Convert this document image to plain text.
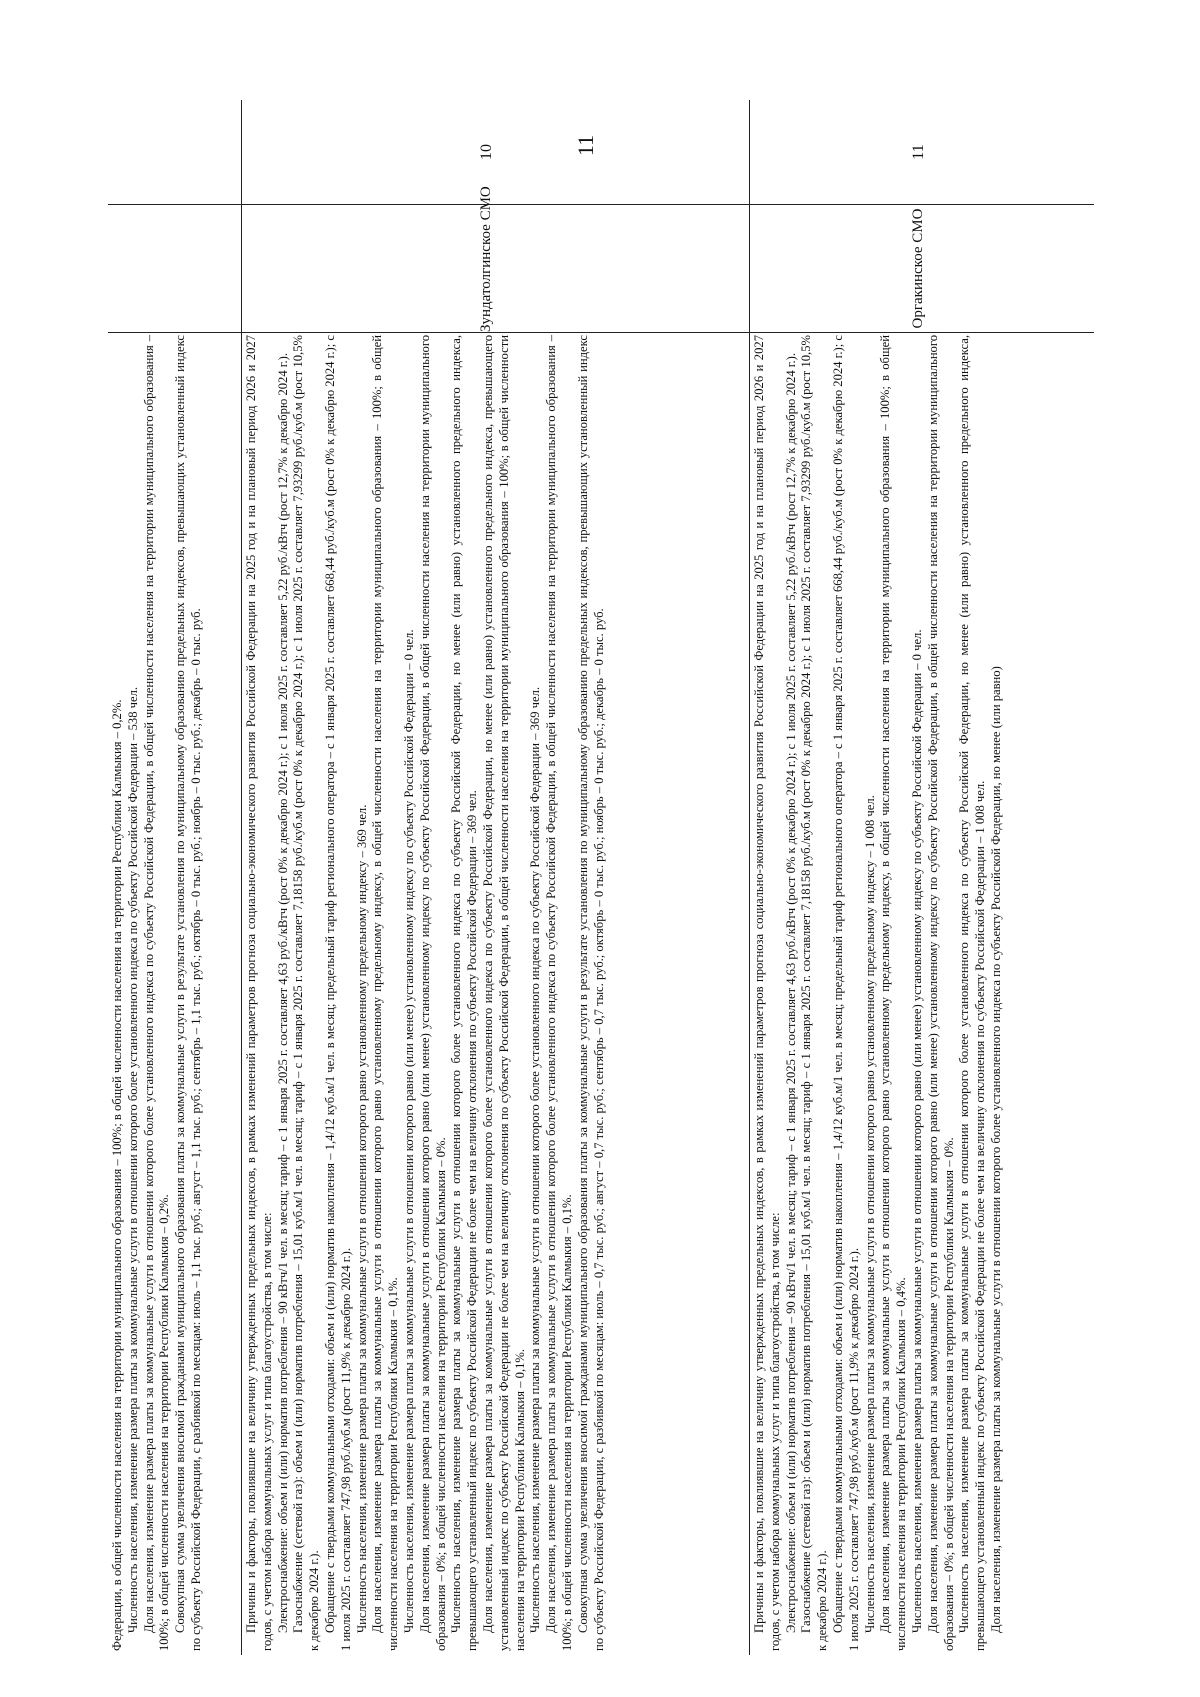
11

Федерации, в общей численности населения на территории муниципального образования – 100%; в общей численности населения на территории Республики Калмыкия – 0,2%. Численность населения, изменение размера платы за коммунальные услуги в отношении которого более установленного индекса по субъекту Российской Федерации – 538 чел. Доля населения, изменение размера платы за коммунальные услуги в отношении которого более установленного индекса по субъекту Российской Федерации, в общей численности населения на территории муниципального образования – 100%; в общей численности населения на территории Республики Калмыкия – 0,2%. Совокупная сумма увеличения вносимой гражданами муниципального образования платы за коммунальные услуги в результате установления по муниципальному образованию предельных индексов, превышающих установленный индекс по субъекту Российской Федерации, с разбивкой по месяцам: июль – 1,1 тыс. руб.; август – 1,1 тыс. руб.; сентябрь – 1,1 тыс. руб.; октябрь – 0 тыс. руб.; ноябрь – 0 тыс. руб.; декабрь – 0 тыс. руб.

10
Зундатолгинское СМО

Причины и факторы, повлиявшие на величину утвержденных предельных индексов, в рамках изменений параметров прогноза социально-экономического развития Российской Федерации на 2025 год и на плановый период 2026 и 2027 годов, с учетом набора коммунальных услуг и типа благоустройства, в том числе: Электроснабжение: объем и (или) норматив потребления – 90 кВтч/1 чел. в месяц; тариф – с 1 января 2025 г. составляет 4,63 руб./кВтч (рост 0% к декабрю 2024 г.); с 1 июля 2025 г. составляет 5,22 руб./кВтч (рост 12,7% к декабрю 2024 г.). Газоснабжение (сетевой газ): объем и (или) норматив потребления – 15,01 куб.м/1 чел. в месяц; тариф – с 1 января 2025 г. составляет 7,18158 руб./куб.м (рост 0% к декабрю 2024 г.); с 1 июля 2025 г. составляет 7,93299 руб./куб.м (рост 10,5% к декабрю 2024 г.). Обращение с твердыми коммунальными отходами: объем и (или) норматив накопления – 1,4/12 куб.м/1 чел. в месяц; предельный тариф регионального оператора – с 1 января 2025 г. составляет 668,44 руб./куб.м (рост 0% к декабрю 2024 г.); с 1 июля 2025 г. составляет 747,98 руб./куб.м (рост 11,9% к декабрю 2024 г.). Численность населения, изменение размера платы за коммунальные услуги в отношении которого равно установленному предельному индексу – 369 чел. Доля населения, изменение размера платы за коммунальные услуги в отношении которого равно установленному предельному индексу, в общей численности населения на территории муниципального образования – 100%; в общей численности населения на территории Республики Калмыкия – 0,1%. Численность населения, изменение размера платы за коммунальные услуги в отношении которого равно (или менее) установленному индексу по субъекту Российской Федерации – 0 чел. Доля населения, изменение размера платы за коммунальные услуги в отношении которого равно (или менее) установленному индексу по субъекту Российской Федерации, в общей численности населения на территории муниципального образования – 0%; в общей численности населения на территории Республики Калмыкия – 0%. Численность населения, изменение размера платы за коммунальные услуги в отношении которого более установленного индекса по субъекту Российской Федерации, но менее (или равно) установленного предельного индекса, превышающего установленный индекс по субъекту Российской Федерации не более чем на величину отклонения по субъекту Российской Федерации – 369 чел. Доля населения, изменение размера платы за коммунальные услуги в отношении которого более установленного индекса по субъекту Российской Федерации, но менее (или равно) установленного предельного индекса, превышающего установленный индекс по субъекту Российской Федерации не более чем на величину отклонения по субъекту Российской Федерации, в общей численности населения на территории муниципального образования – 100%; в общей численности населения на территории Республики Калмыкия – 0,1%. Численность населения, изменение размера платы за коммунальные услуги в отношении которого более установленного индекса по субъекту Российской Федерации – 369 чел. Доля населения, изменение размера платы за коммунальные услуги в отношении которого более установленного индекса по субъекту Российской Федерации, в общей численности населения на территории муниципального образования – 100%; в общей численности населения на территории Республики Калмыкия – 0,1%. Совокупная сумма увеличения вносимой гражданами муниципального образования платы за коммунальные услуги в результате установления по муниципальному образованию предельных индексов, превышающих установленный индекс по субъекту Российской Федерации, с разбивкой по месяцам: июль – 0,7 тыс. руб.; август – 0,7 тыс. руб.; сентябрь – 0,7 тыс. руб.; октябрь – 0 тыс. руб.; ноябрь – 0 тыс. руб.; декабрь – 0 тыс. руб.

11
Оргакинское СМО

Причины и факторы, повлиявшие на величину утвержденных предельных индексов, в рамках изменений параметров прогноза социально-экономического развития Российской Федерации на 2025 год и на плановый период 2026 и 2027 годов, с учетом набора коммунальных услуг и типа благоустройства, в том числе: Электроснабжение: объем и (или) норматив потребления – 90 кВтч/1 чел. в месяц; тариф – с 1 января 2025 г. составляет 4,63 руб./кВтч (рост 0% к декабрю 2024 г.); с 1 июля 2025 г. составляет 5,22 руб./кВтч (рост 12,7% к декабрю 2024 г.). Газоснабжение (сетевой газ): объем и (или) норматив потребления – 15,01 куб.м/1 чел. в месяц; тариф – с 1 января 2025 г. составляет 7,18158 руб./куб.м (рост 0% к декабрю 2024 г.); с 1 июля 2025 г. составляет 7,93299 руб./куб.м (рост 10,5% к декабрю 2024 г.). Обращение с твердыми коммунальными отходами: объем и (или) норматив накопления – 1,4/12 куб.м/1 чел. в месяц; предельный тариф регионального оператора – с 1 января 2025 г. составляет 668,44 руб./куб.м (рост 0% к декабрю 2024 г.); с 1 июля 2025 г. составляет 747,98 руб./куб.м (рост 11,9% к декабрю 2024 г.). Численность населения, изменение размера платы за коммунальные услуги в отношении которого равно установленному предельному индексу – 1 008 чел. Доля населения, изменение размера платы за коммунальные услуги в отношении которого равно установленному предельному индексу, в общей численности населения на территории муниципального образования – 100%; в общей численности населения на территории Республики Калмыкия – 0,4%. Численность населения, изменение размера платы за коммунальные услуги в отношении которого равно (или менее) установленному индексу по субъекту Российской Федерации – 0 чел. Доля населения, изменение размера платы за коммунальные услуги в отношении которого равно (или менее) установленному индексу по субъекту Российской Федерации, в общей численности населения на территории муниципального образования – 0%; в общей численности населения на территории Республики Калмыкия – 0%. Численность населения, изменение размера платы за коммунальные услуги в отношении которого более установленного индекса по субъекту Российской Федерации, но менее (или равно) установленного предельного индекса, превышающего установленный индекс по субъекту Российской Федерации не более чем на величину отклонения по субъекту Российской Федерации – 1 008 чел. Доля населения, изменение размера платы за коммунальные услуги в отношении которого более установленного индекса по субъекту Российской Федерации, но менее (или равно)
